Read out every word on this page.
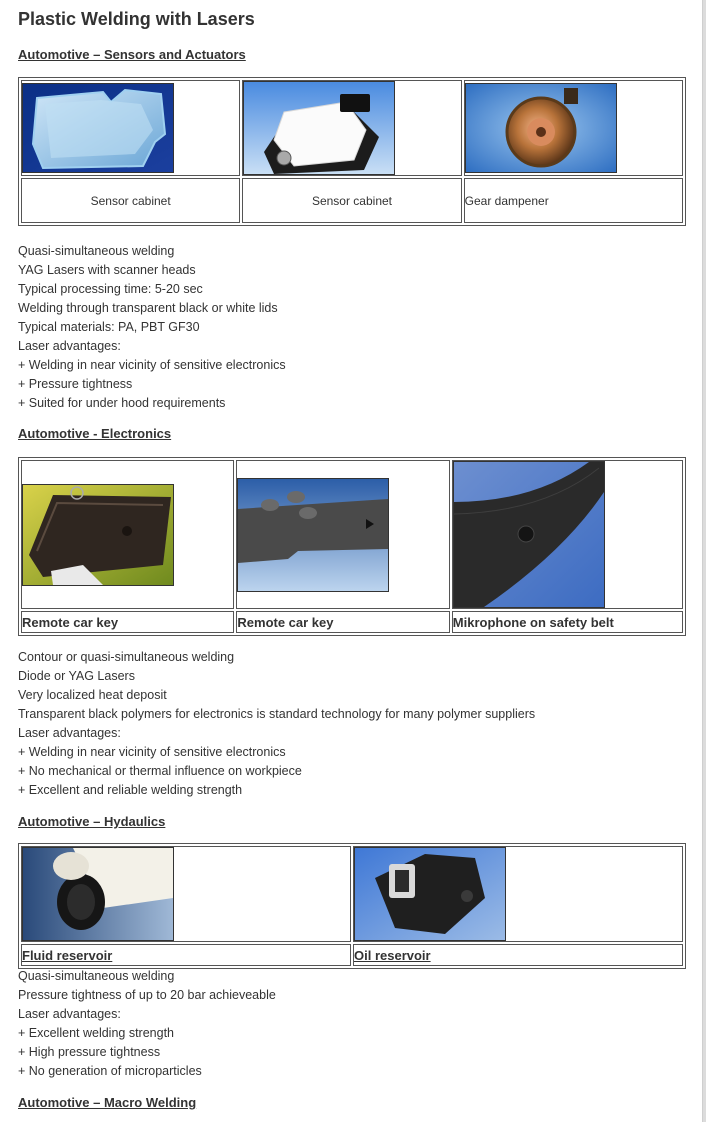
Plastic Welding with Lasers
Automotive – Sensors and Actuators

Sensor cabinet	Sensor cabinet	Gear dampener
Quasi-simultaneous welding
YAG Lasers with scanner heads
Typical processing time: 5-20 sec
Welding through transparent black or white lids
Typical materials: PA, PBT GF30
Laser advantages:
+ Welding in near vicinity of sensitive electronics
+ Pressure tightness
+ Suited for under hood requirements
Automotive - Electronics

Remote car key	Remote car key	Mikrophone on safety belt
Contour or quasi-simultaneous welding
Diode or YAG Lasers
Very localized heat deposit
Transparent black polymers for electronics is standard technology for many polymer suppliers
Laser advantages:
+ Welding in near vicinity of sensitive electronics
+ No mechanical or thermal influence on workpiece
+ Excellent and reliable welding strength
Automotive – Hydaulics

Fluid reservoir	Oil reservoir
Quasi-simultaneous welding
Pressure tightness of up to 20 bar achieveable
Laser advantages:
+ Excellent welding strength
+ High pressure tightness
+ No generation of microparticles
Automotive – Macro Welding
